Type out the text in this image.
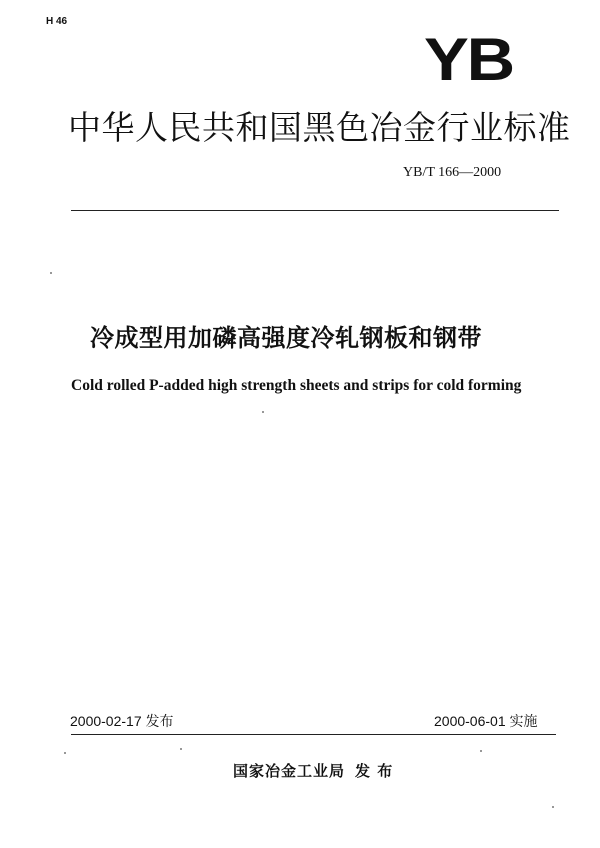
H 46
YB
中华人民共和国黑色冶金行业标准
YB/T 166—2000
冷成型用加磷高强度冷轧钢板和钢带
Cold rolled P-added high strength sheets and strips for cold forming
2000-02-17 发布	2000-06-01 实施
国家冶金工业局 发 布
